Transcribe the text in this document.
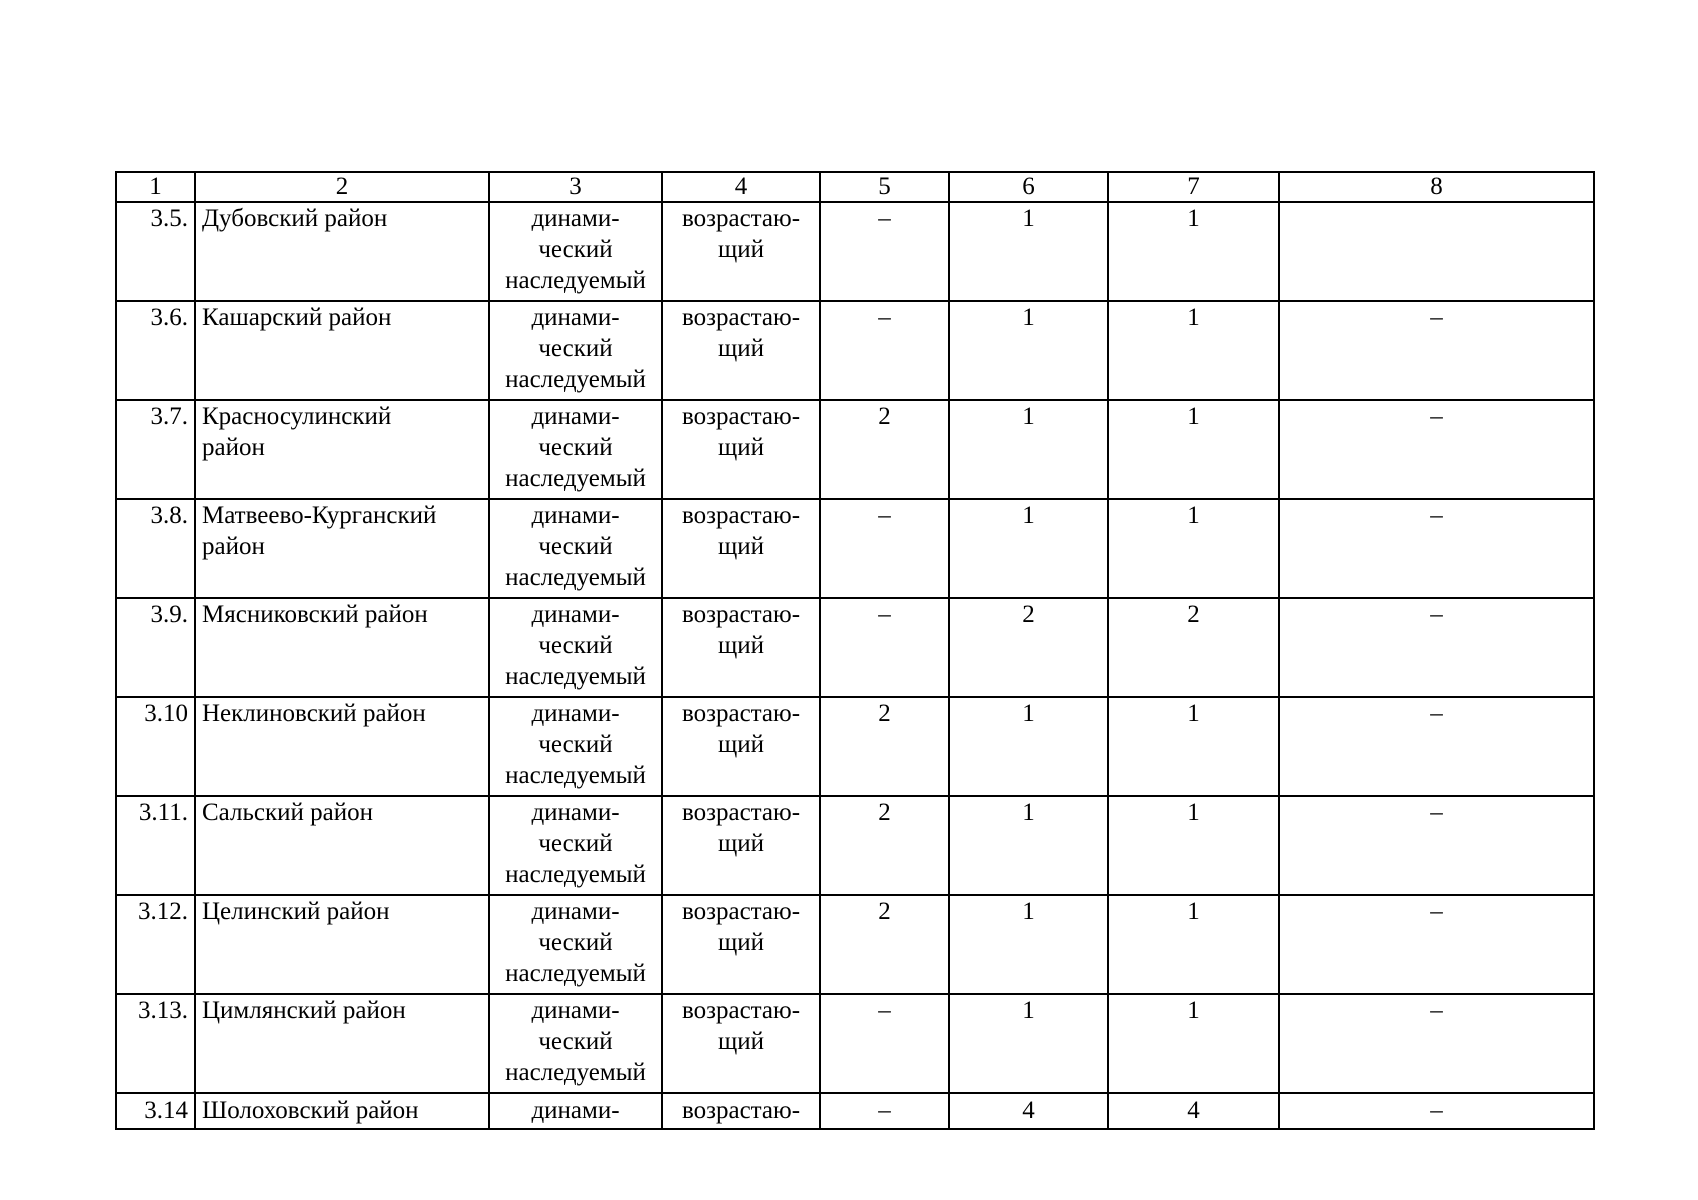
1	2	3	4	5	6	7	8
3.5.	Дубовский район	динами-
ческий
наследуемый	возрастаю-
щий	–	1	1	
3.6.	Кашарский район	динами-
ческий
наследуемый	возрастаю-
щий	–	1	1	–
3.7.	Красносулинский
район	динами-
ческий
наследуемый	возрастаю-
щий	2	1	1	–
3.8.	Матвеево-Курганский
район	динами-
ческий
наследуемый	возрастаю-
щий	–	1	1	–
3.9.	Мясниковский район	динами-
ческий
наследуемый	возрастаю-
щий	–	2	2	–
3.10	Неклиновский район	динами-
ческий
наследуемый	возрастаю-
щий	2	1	1	–
3.11.	Сальский район	динами-
ческий
наследуемый	возрастаю-
щий	2	1	1	–
3.12.	Целинский район	динами-
ческий
наследуемый	возрастаю-
щий	2	1	1	–
3.13.	Цимлянский район	динами-
ческий
наследуемый	возрастаю-
щий	–	1	1	–
3.14	Шолоховский район	динами-	возрастаю-	–	4	4	–
